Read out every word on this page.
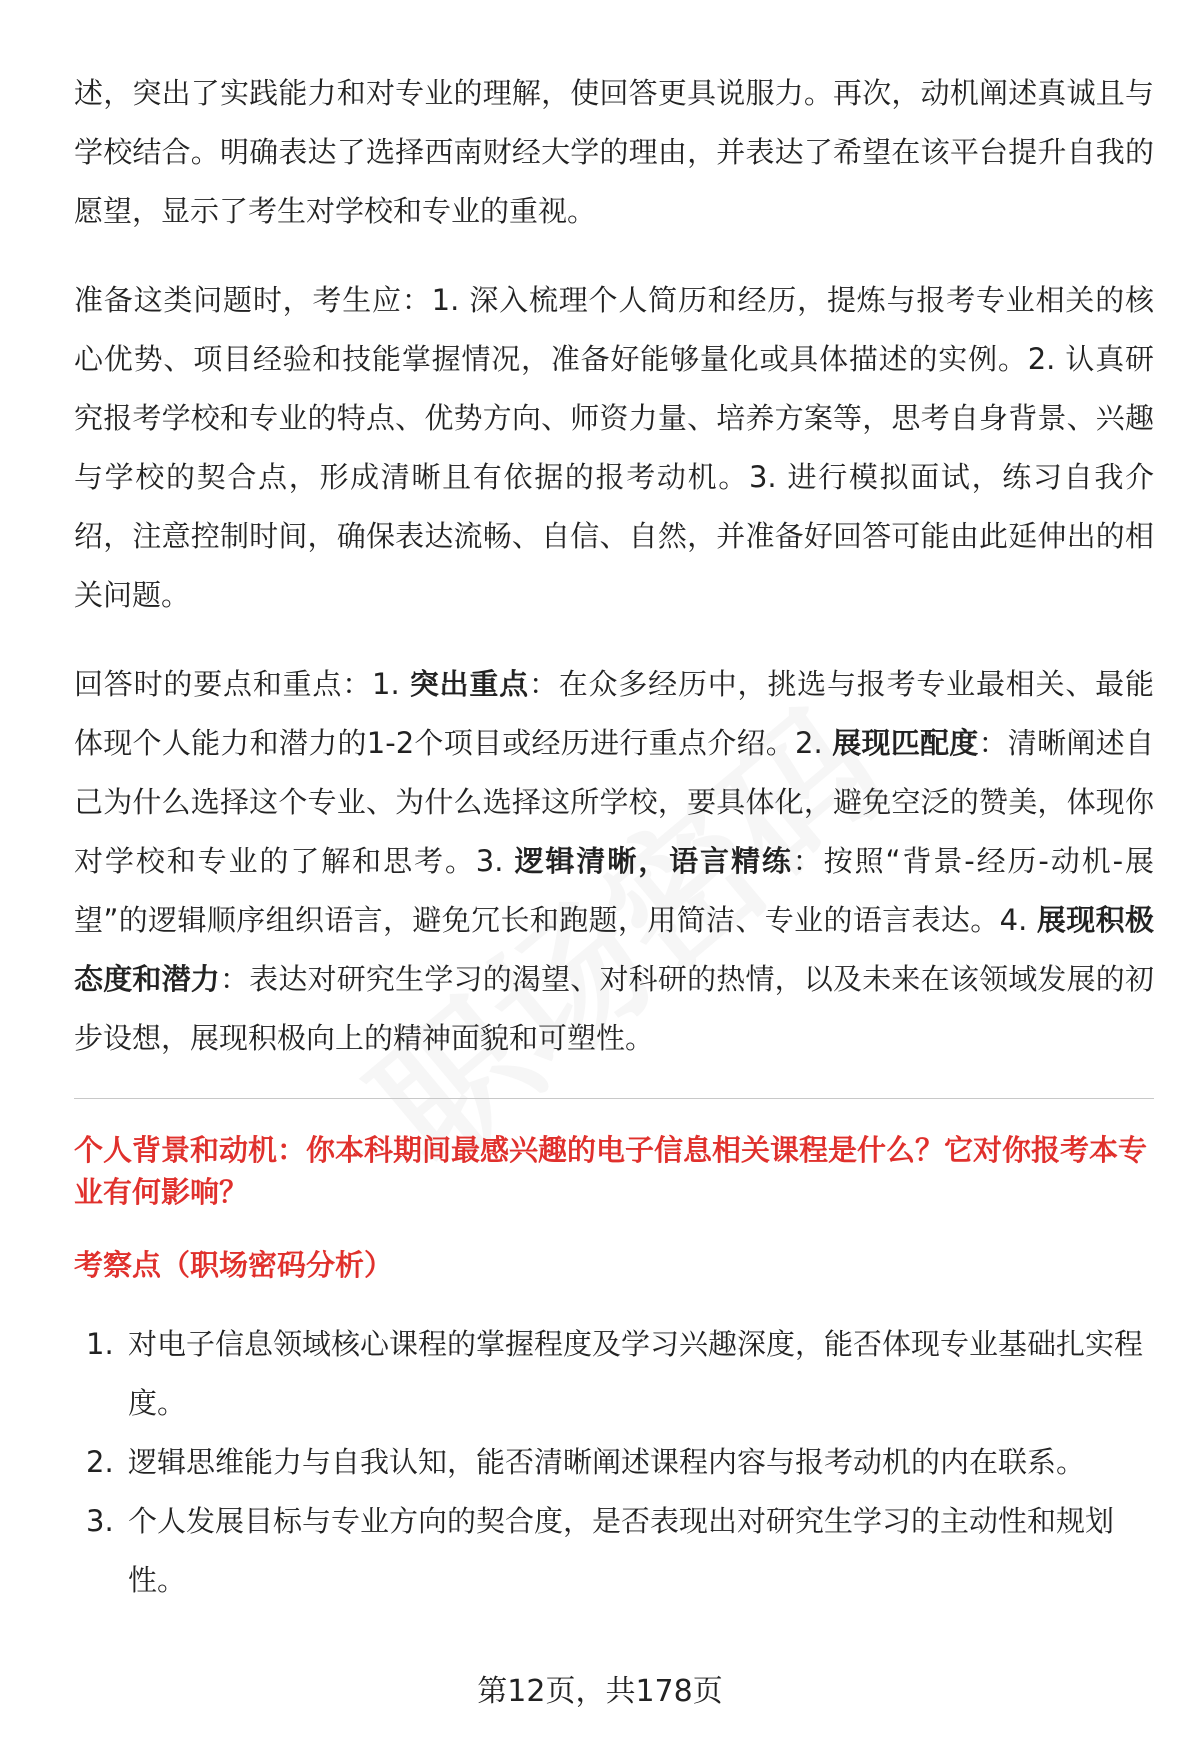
述，突出了实践能力和对专业的理解，使回答更具说服力。再次，动机阐述真诚且与学校结合。明确表达了选择西南财经大学的理由，并表达了希望在该平台提升自我的愿望，显示了考生对学校和专业的重视。

准备这类问题时，考生应：1. 深入梳理个人简历和经历，提炼与报考专业相关的核心优势、项目经验和技能掌握情况，准备好能够量化或具体描述的实例。2. 认真研究报考学校和专业的特点、优势方向、师资力量、培养方案等，思考自身背景、兴趣与学校的契合点，形成清晰且有依据的报考动机。3. 进行模拟面试，练习自我介绍，注意控制时间，确保表达流畅、自信、自然，并准备好回答可能由此延伸出的相关问题。

回答时的要点和重点：1. 突出重点：在众多经历中，挑选与报考专业最相关、最能体现个人能力和潜力的1-2个项目或经历进行重点介绍。2. 展现匹配度：清晰阐述自己为什么选择这个专业、为什么选择这所学校，要具体化，避免空泛的赞美，体现你对学校和专业的了解和思考。3. 逻辑清晰，语言精练：按照“背景-经历-动机-展望”的逻辑顺序组织语言，避免冗长和跑题，用简洁、专业的语言表达。4. 展现积极态度和潜力：表达对研究生学习的渴望、对科研的热情，以及未来在该领域发展的初步设想，展现积极向上的精神面貌和可塑性。

个人背景和动机：你本科期间最感兴趣的电子信息相关课程是什么？它对你报考本专业有何影响？

考察点（职场密码分析）

1. 对电子信息领域核心课程的掌握程度及学习兴趣深度，能否体现专业基础扎实程度。
2. 逻辑思维能力与自我认知，能否清晰阐述课程内容与报考动机的内在联系。
3. 个人发展目标与专业方向的契合度，是否表现出对研究生学习的主动性和规划性。
第12页，共178页
